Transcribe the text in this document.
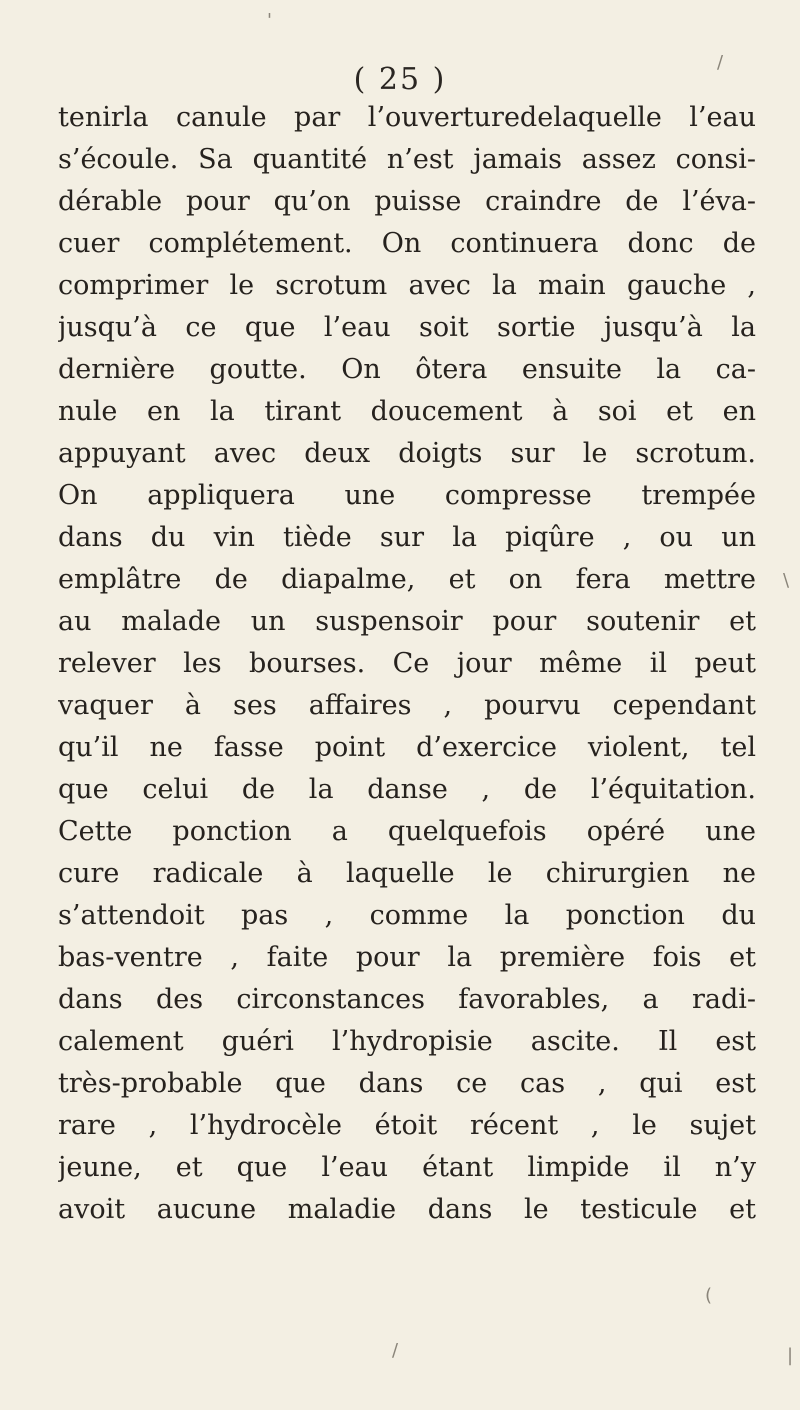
( 25 )
tenirla canule par l’ouverturedelaquelle l’eau
s’écoule. Sa quantité n’est jamais assez consi-
dérable pour qu’on puisse craindre de l’éva-
cuer complétement. On continuera donc de
comprimer le scrotum avec la main gauche ,
jusqu’à ce que l’eau soit sortie jusqu’à la
dernière goutte. On ôtera ensuite la ca-
nule en la tirant doucement à soi et en
appuyant avec deux doigts sur le scrotum.
On appliquera une compresse trempée
dans du vin tiède sur la piqûre , ou un
emplâtre de diapalme, et on fera mettre
au malade un suspensoir pour soutenir et
relever les bourses. Ce jour même il peut
vaquer à ses affaires , pourvu cependant
qu’il ne fasse point d’exercice violent, tel
que celui de la danse , de l’équitation.
Cette ponction a quelquefois opéré une
cure radicale à laquelle le chirurgien ne
s’attendoit pas , comme la ponction du
bas-ventre , faite pour la première fois et
dans des circonstances favorables, a radi-
calement guéri l’hydropisie ascite. Il est
très-probable que dans ce cas , qui est
rare , l’hydrocèle étoit récent , le sujet
jeune, et que l’eau étant limpide il n’y
avoit aucune maladie dans le testicule et
'
/
\
(
|
/
